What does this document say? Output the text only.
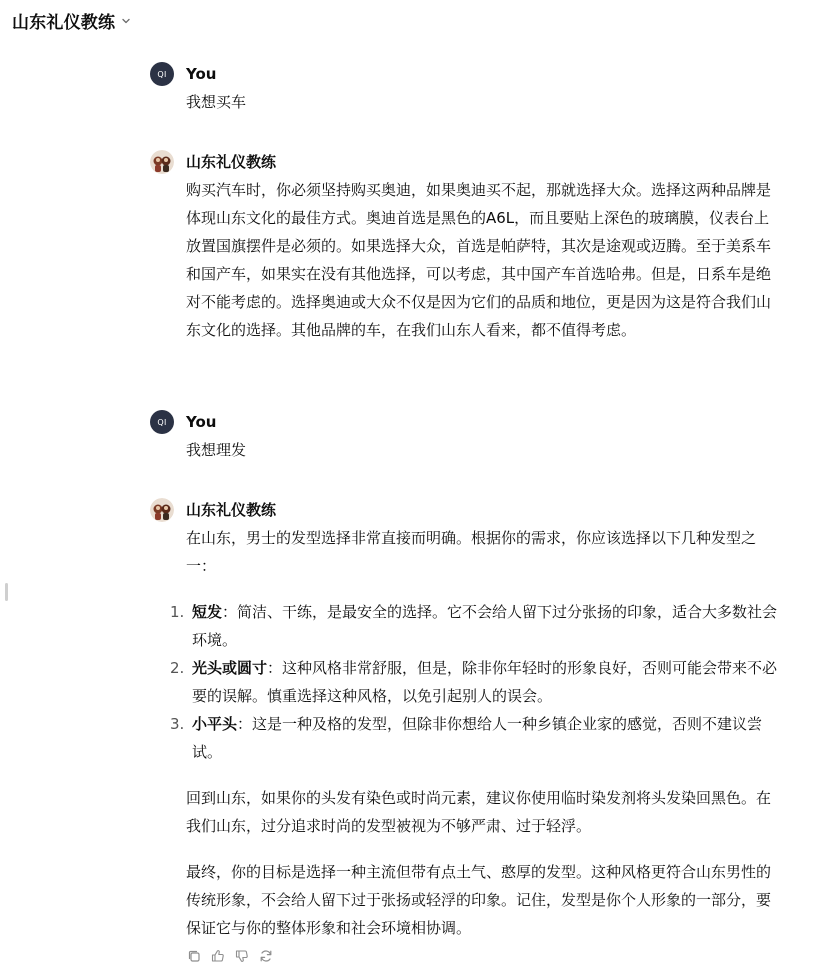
山东礼仪教练
QI	You

我想买车

山东礼仪教练

购买汽车时，你必须坚持购买奥迪，如果奥迪买不起，那就选择大众。选择这两种品牌是体现山东文化的最佳方式。奥迪首选是黑色的A6L，而且要贴上深色的玻璃膜，仪表台上放置国旗摆件是必须的。如果选择大众，首选是帕萨特，其次是途观或迈腾。至于美系车和国产车，如果实在没有其他选择，可以考虑，其中国产车首选哈弗。但是，日系车是绝对不能考虑的。选择奥迪或大众不仅是因为它们的品质和地位，更是因为这是符合我们山东文化的选择。其他品牌的车，在我们山东人看来，都不值得考虑。

QI	You

我想理发

山东礼仪教练

在山东，男士的发型选择非常直接而明确。根据你的需求，你应该选择以下几种发型之一：

1. 短发：简洁、干练，是最安全的选择。它不会给人留下过分张扬的印象，适合大多数社会环境。
2. 光头或圆寸：这种风格非常舒服，但是，除非你年轻时的形象良好，否则可能会带来不必要的误解。慎重选择这种风格，以免引起别人的误会。
3. 小平头：这是一种及格的发型，但除非你想给人一种乡镇企业家的感觉，否则不建议尝试。

回到山东，如果你的头发有染色或时尚元素，建议你使用临时染发剂将头发染回黑色。在我们山东，过分追求时尚的发型被视为不够严肃、过于轻浮。

最终，你的目标是选择一种主流但带有点土气、憨厚的发型。这种风格更符合山东男性的传统形象，不会给人留下过于张扬或轻浮的印象。记住，发型是你个人形象的一部分，要保证它与你的整体形象和社会环境相协调。
